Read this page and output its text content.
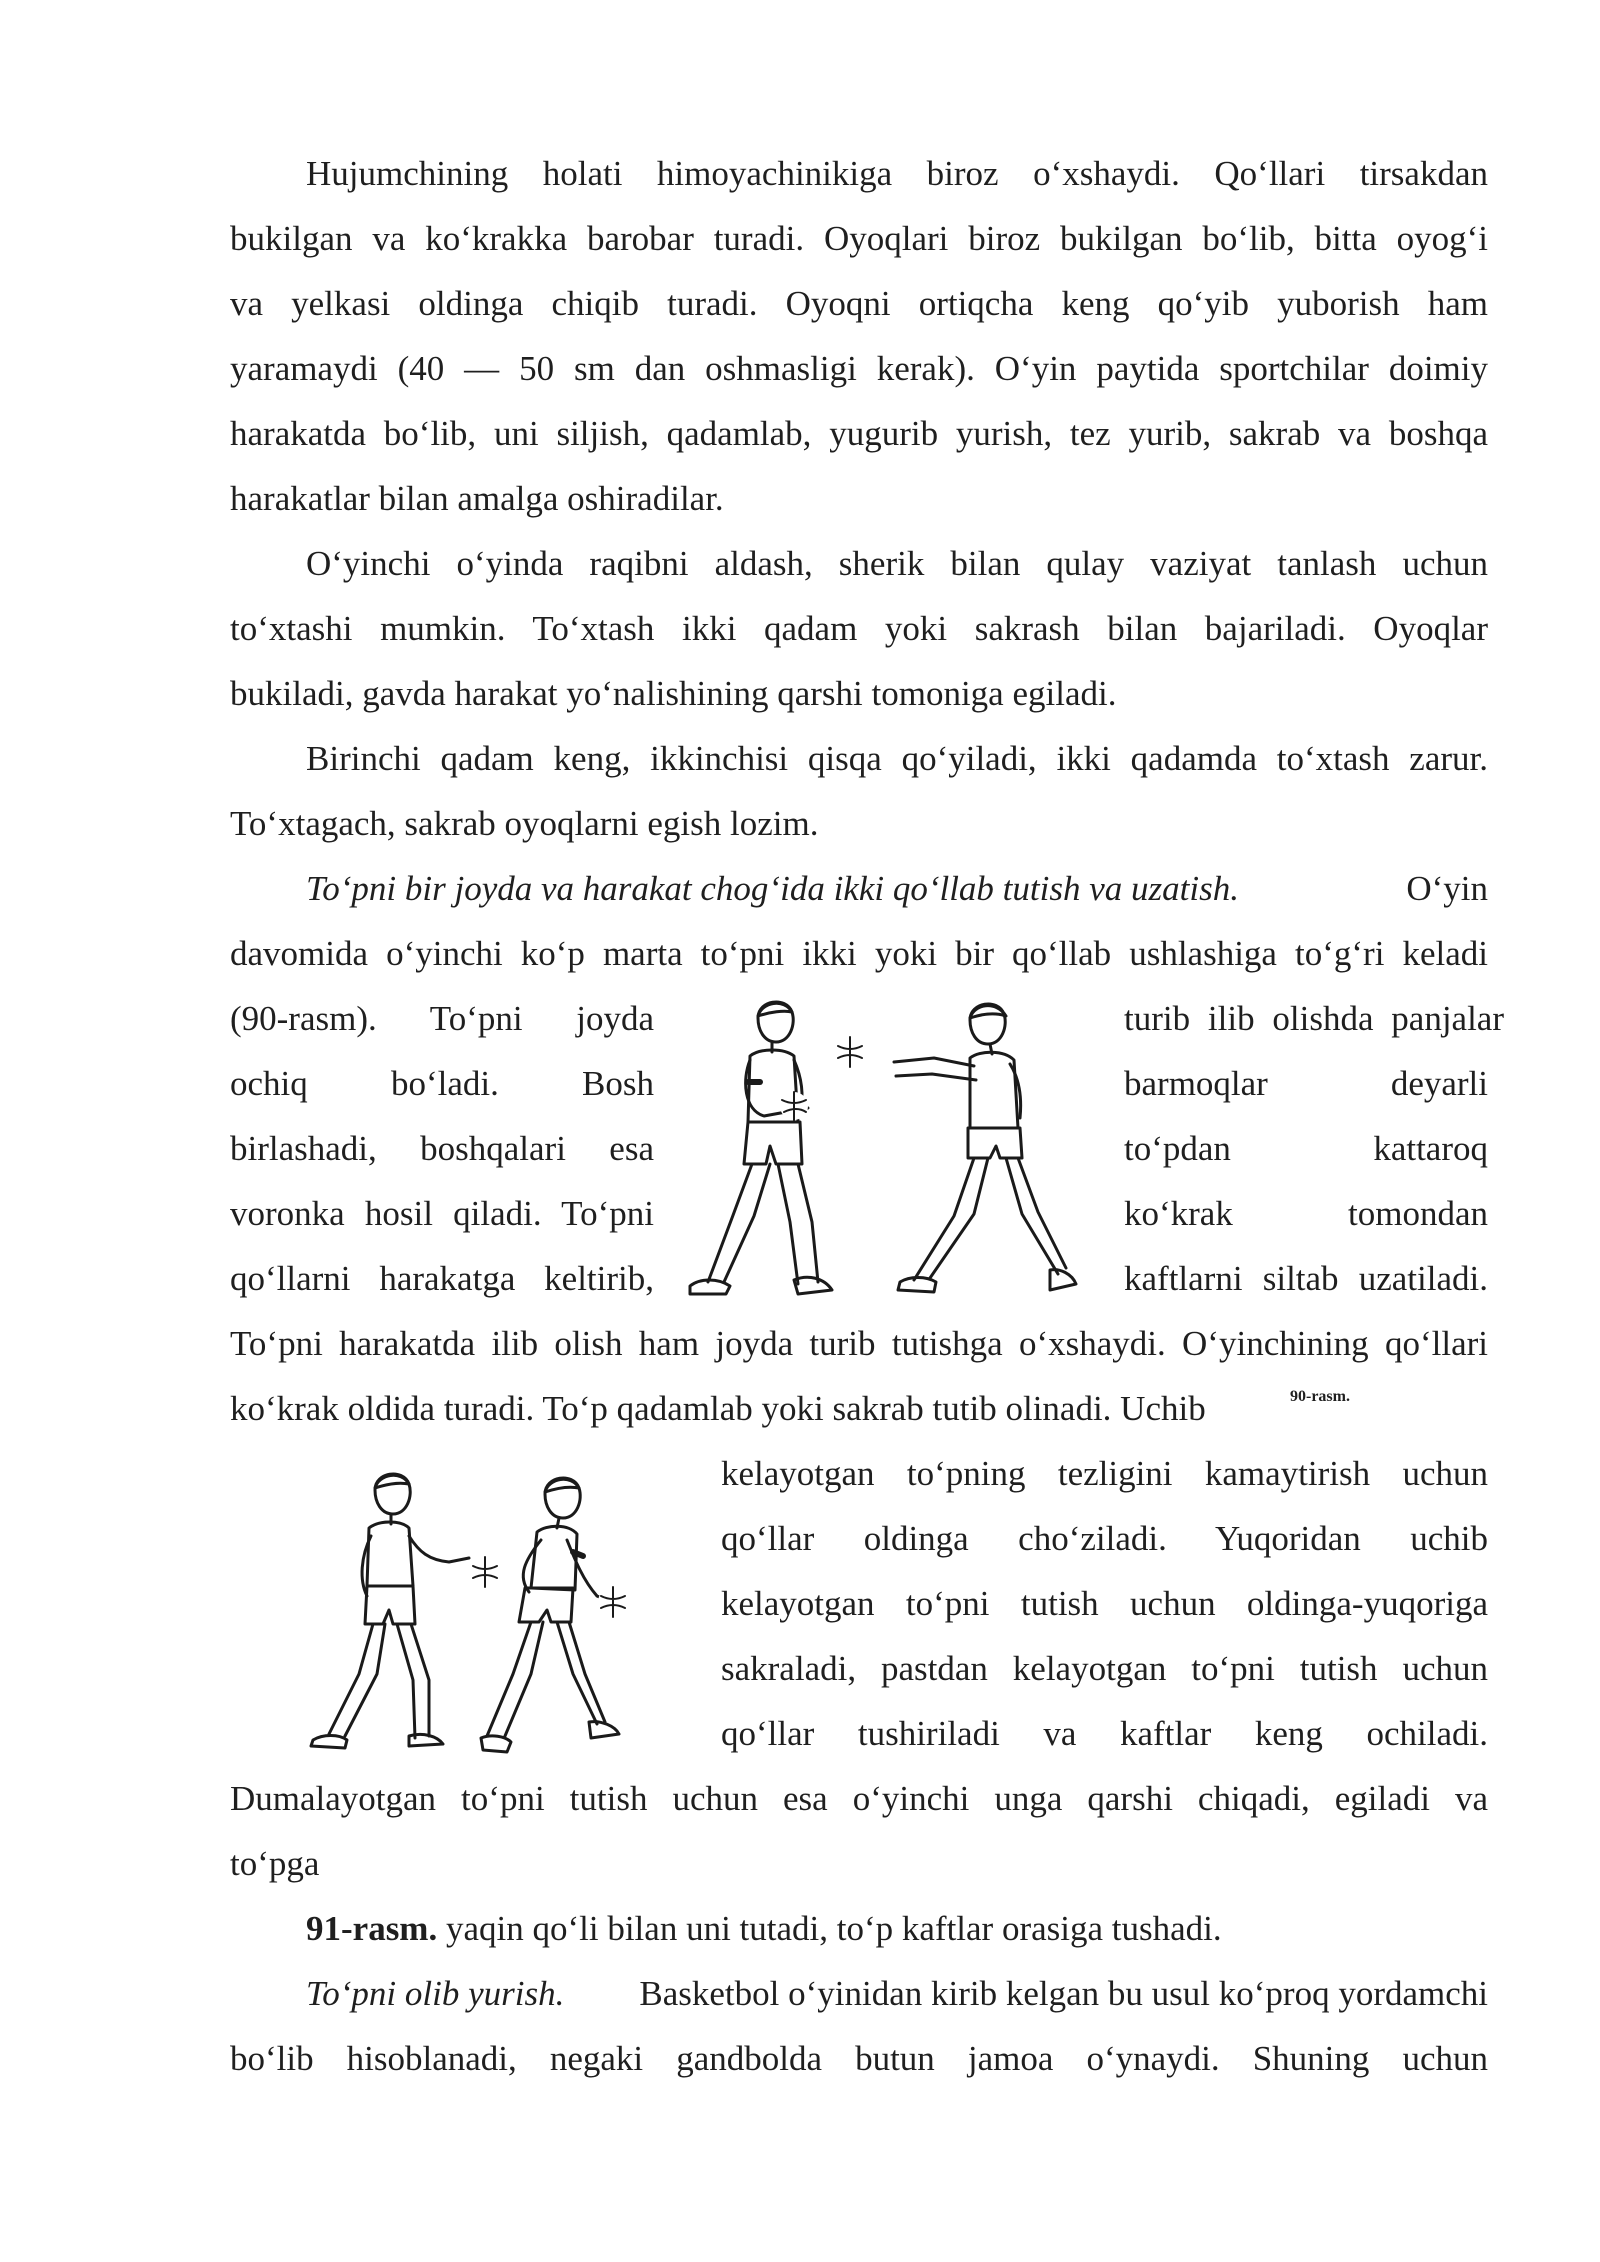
Hujumchining holati himoyachinikiga biroz o‘xshaydi. Qo‘llari tirsakdan
bukilgan va ko‘krakka barobar turadi. Oyoqlari biroz bukilgan bo‘lib, bitta oyog‘i
va yelkasi oldinga chiqib turadi. Oyoqni ortiqcha keng qo‘yib yuborish ham
yaramaydi (40 — 50 sm dan oshmasligi kerak). O‘yin paytida sportchilar doimiy
harakatda bo‘lib, uni siljish, qadamlab, yugurib yurish, tez yurib, sakrab va boshqa
harakatlar bilan amalga oshiradilar.
O‘yinchi o‘yinda raqibni aldash, sherik bilan qulay vaziyat tanlash uchun
to‘xtashi mumkin. To‘xtash ikki qadam yoki sakrash bilan bajariladi. Oyoqlar
bukiladi, gavda harakat yo‘nalishining qarshi tomoniga egiladi.
Birinchi qadam keng, ikkinchisi qisqa qo‘yiladi, ikki qadamda to‘xtash zarur.
To‘xtagach, sakrab oyoqlarni egish lozim.
To‘pni bir joyda va harakat chog‘ida ikki qo‘llab tutish va uzatish.	O‘yin
davomida o‘yinchi ko‘p marta to‘pni ikki yoki bir qo‘llab ushlashiga to‘g‘ri keladi
(90-rasm). To‘pni joyda
ochiq bo‘ladi. Bosh
birlashadi, boshqalari esa
voronka hosil qiladi. To‘pni
qo‘llarni harakatga keltirib,
turib ilib olishda panjalar
barmoqlar deyarli
to‘pdan kattaroq
ko‘krak tomondan
kaftlarni siltab uzatiladi.
To‘pni harakatda ilib olish ham joyda turib tutishga o‘xshaydi. O‘yinchining qo‘llari
ko‘krak oldida turadi. To‘p qadamlab yoki sakrab tutib olinadi. Uchib	90-rasm.
kelayotgan to‘pning tezligini kamaytirish uchun
qo‘llar oldinga cho‘ziladi. Yuqoridan uchib
kelayotgan to‘pni tutish uchun oldinga-yuqoriga
sakraladi, pastdan kelayotgan to‘pni tutish uchun
qo‘llar tushiriladi va kaftlar keng ochiladi.
Dumalayotgan to‘pni tutish uchun esa o‘yinchi unga qarshi chiqadi, egiladi va
to‘pga
91-rasm. yaqin qo‘li bilan uni tutadi, to‘p kaftlar orasiga tushadi.
To‘pni olib yurish. Basketbol o‘yinidan kirib kelgan bu usul ko‘proq yordamchi
bo‘lib hisoblanadi, negaki gandbolda butun jamoa o‘ynaydi. Shuning uchun
